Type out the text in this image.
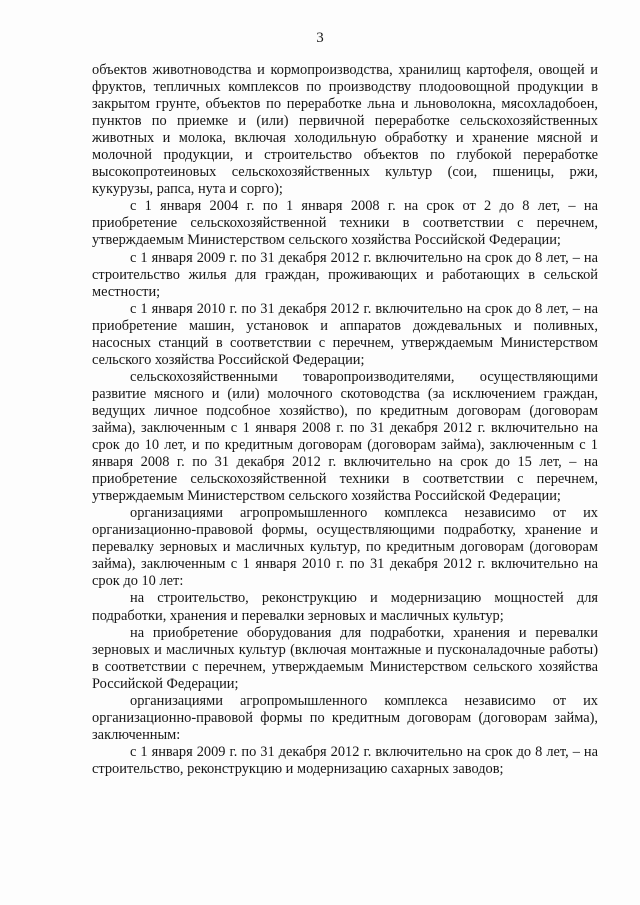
3

объектов животноводства и кормопроизводства, хранилищ картофеля, овощей и фруктов, тепличных комплексов по производству плодоовощной продукции в закрытом грунте, объектов по переработке льна и льноволокна, мясохладобоен, пунктов по приемке и (или) первичной переработке сельскохозяйственных животных и молока, включая холодильную обработку и хранение мясной и молочной продукции, и строительство объектов по глубокой переработке высокопротеиновых сельскохозяйственных культур (сои, пшеницы, ржи, кукурузы, рапса, нута и сорго);

с 1 января 2004 г. по 1 января 2008 г. на срок от 2 до 8 лет, – на приобретение сельскохозяйственной техники в соответствии с перечнем, утверждаемым Министерством сельского хозяйства Российской Федерации;

с 1 января 2009 г. по 31 декабря 2012 г. включительно на срок до 8 лет, – на строительство жилья для граждан, проживающих и работающих в сельской местности;

с 1 января 2010 г. по 31 декабря 2012 г. включительно на срок до 8 лет, – на приобретение машин, установок и аппаратов дождевальных и поливных, насосных станций в соответствии с перечнем, утверждаемым Министерством сельского хозяйства Российской Федерации;

сельскохозяйственными товаропроизводителями, осуществляющими развитие мясного и (или) молочного скотоводства (за исключением граждан, ведущих личное подсобное хозяйство), по кредитным договорам (договорам займа), заключенным с 1 января 2008 г. по 31 декабря 2012 г. включительно на срок до 10 лет, и по кредитным договорам (договорам займа), заключенным с 1 января 2008 г. по 31 декабря 2012 г. включительно на срок до 15 лет, – на приобретение сельскохозяйственной техники в соответствии с перечнем, утверждаемым Министерством сельского хозяйства Российской Федерации;

организациями агропромышленного комплекса независимо от их организационно-правовой формы, осуществляющими подработку, хранение и перевалку зерновых и масличных культур, по кредитным договорам (договорам займа), заключенным с 1 января 2010 г. по 31 декабря 2012 г. включительно на срок до 10 лет:

на строительство, реконструкцию и модернизацию мощностей для подработки, хранения и перевалки зерновых и масличных культур;

на приобретение оборудования для подработки, хранения и перевалки зерновых и масличных культур (включая монтажные и пусконаладочные работы) в соответствии с перечнем, утверждаемым Министерством сельского хозяйства Российской Федерации;

организациями агропромышленного комплекса независимо от их организационно-правовой формы по кредитным договорам (договорам займа), заключенным:

с 1 января 2009 г. по 31 декабря 2012 г. включительно на срок до 8 лет, – на строительство, реконструкцию и модернизацию сахарных заводов;
